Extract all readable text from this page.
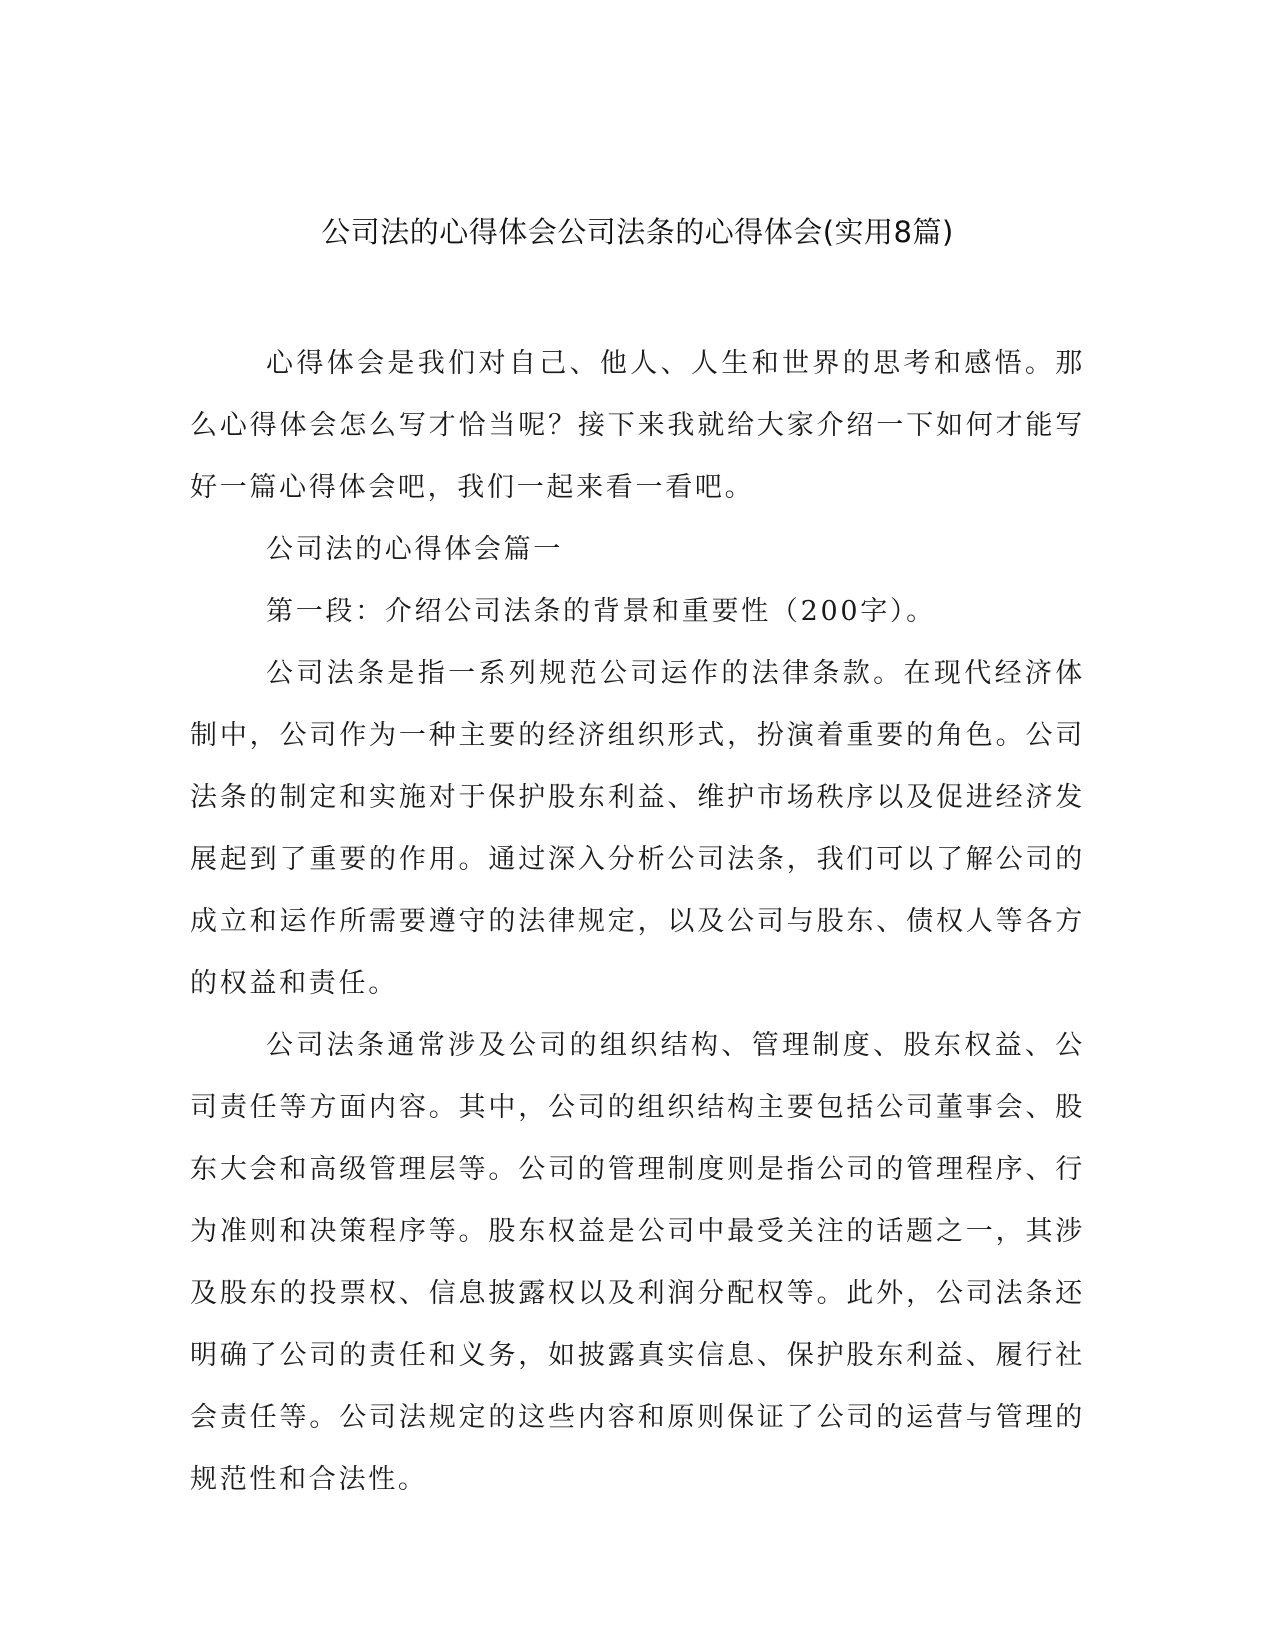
公司法的心得体会公司法条的心得体会(实用8篇)

心得体会是我们对自己、他人、人生和世界的思考和感悟。那么心得体会怎么写才恰当呢？接下来我就给大家介绍一下如何才能写好一篇心得体会吧，我们一起来看一看吧。

公司法的心得体会篇一

第一段：介绍公司法条的背景和重要性（200字）。

公司法条是指一系列规范公司运作的法律条款。在现代经济体制中，公司作为一种主要的经济组织形式，扮演着重要的角色。公司法条的制定和实施对于保护股东利益、维护市场秩序以及促进经济发展起到了重要的作用。通过深入分析公司法条，我们可以了解公司的成立和运作所需要遵守的法律规定，以及公司与股东、债权人等各方的权益和责任。

公司法条通常涉及公司的组织结构、管理制度、股东权益、公司责任等方面内容。其中，公司的组织结构主要包括公司董事会、股东大会和高级管理层等。公司的管理制度则是指公司的管理程序、行为准则和决策程序等。股东权益是公司中最受关注的话题之一，其涉及股东的投票权、信息披露权以及利润分配权等。此外，公司法条还明确了公司的责任和义务，如披露真实信息、保护股东利益、履行社会责任等。公司法规定的这些内容和原则保证了公司的运营与管理的规范性和合法性。
